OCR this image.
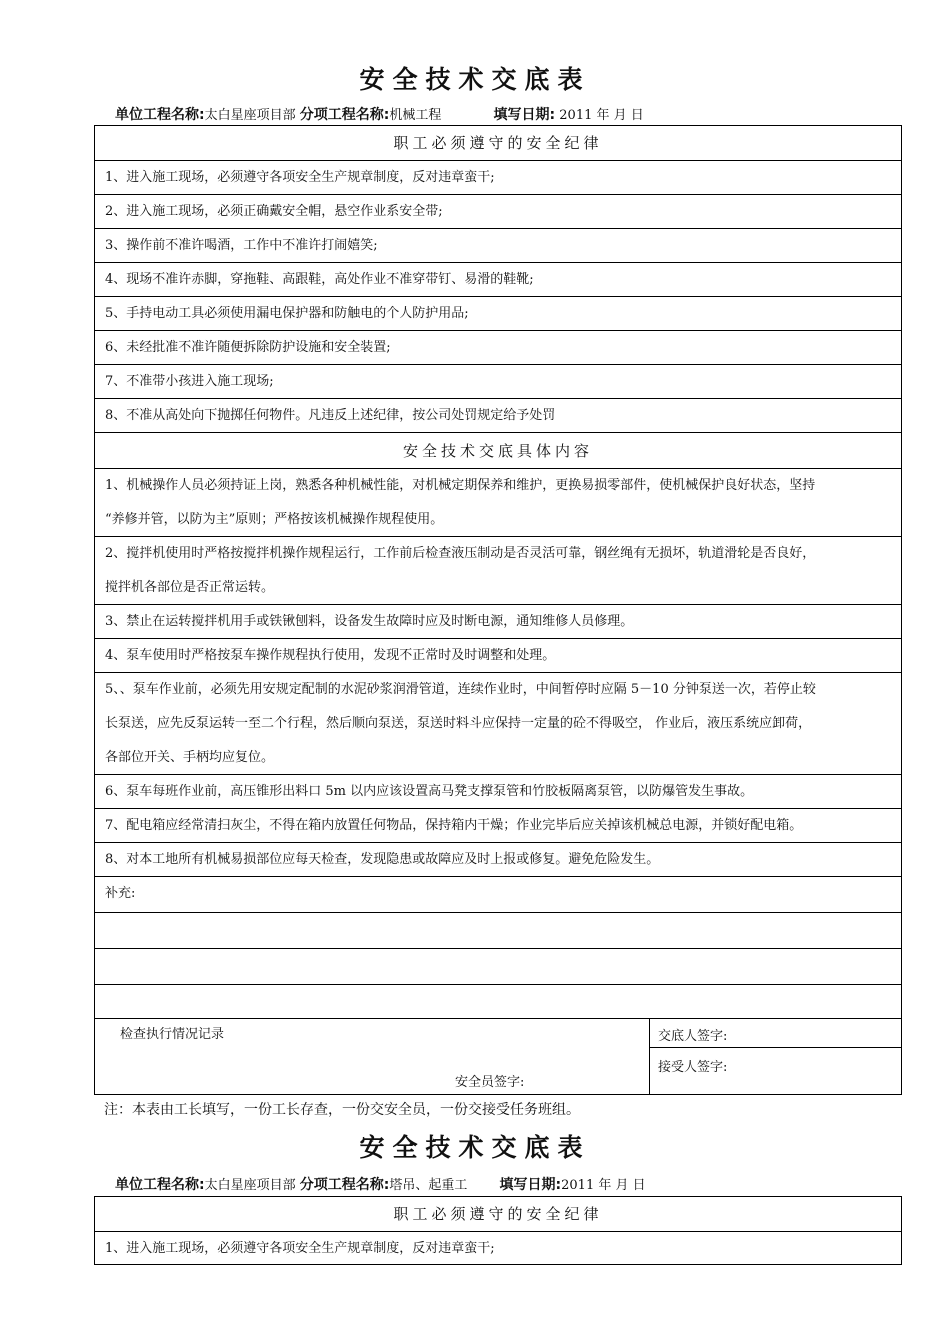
安全技术交底表
单位工程名称:太白星座项目部 分项工程名称:机械工程	填写日期: 2011 年 月 日
职工必须遵守的安全纪律
1、进入施工现场，必须遵守各项安全生产规章制度，反对违章蛮干;
2、进入施工现场，必须正确戴安全帽，悬空作业系安全带;
3、操作前不准许喝酒，工作中不准许打闹嬉笑;
4、现场不准许赤脚，穿拖鞋、高跟鞋，高处作业不准穿带钉、易滑的鞋靴;
5、手持电动工具必须使用漏电保护器和防触电的个人防护用品;
6、未经批准不准许随便拆除防护设施和安全装置;
7、不准带小孩进入施工现场;
8、不准从高处向下抛掷任何物件。凡违反上述纪律，按公司处罚规定给予处罚
安全技术交底具体内容
1、机械操作人员必须持证上岗，熟悉各种机械性能，对机械定期保养和维护，更换易损零部件，使机械保护良好状态，坚持
“养修并管，以防为主”原则；严格按该机械操作规程使用。
2、搅拌机使用时严格按搅拌机操作规程运行，工作前后检查液压制动是否灵活可靠，钢丝绳有无损坏，轨道滑轮是否良好，
搅拌机各部位是否正常运转。
3、禁止在运转搅拌机用手或铁锹刨料，设备发生故障时应及时断电源，通知维修人员修理。
4、泵车使用时严格按泵车操作规程执行使用，发现不正常时及时调整和处理。
5、、泵车作业前，必须先用安规定配制的水泥砂浆润滑管道，连续作业时，中间暂停时应隔 5－10 分钟泵送一次，若停止较
长泵送，应先反泵运转一至二个行程，然后顺向泵送，泵送时料斗应保持一定量的砼不得吸空， 作业后，液压系统应卸荷，
各部位开关、手柄均应复位。
6、泵车每班作业前，高压锥形出料口 5m 以内应该设置高马凳支撑泵管和竹胶板隔离泵管，以防爆管发生事故。
7、配电箱应经常清扫灰尘，不得在箱内放置任何物品，保持箱内干燥；作业完毕后应关掉该机械总电源，并锁好配电箱。
8、对本工地所有机械易损部位应每天检查，发现隐患或故障应及时上报或修复。避免危险发生。
补充:
检查执行情况记录
安全员签字:
交底人签字:
接受人签字:
注：本表由工长填写，一份工长存查，一份交安全员，一份交接受任务班组。
安全技术交底表
单位工程名称:太白星座项目部 分项工程名称:塔吊、起重工 填写日期:2011 年 月 日
职工必须遵守的安全纪律
1、进入施工现场，必须遵守各项安全生产规章制度，反对违章蛮干;
